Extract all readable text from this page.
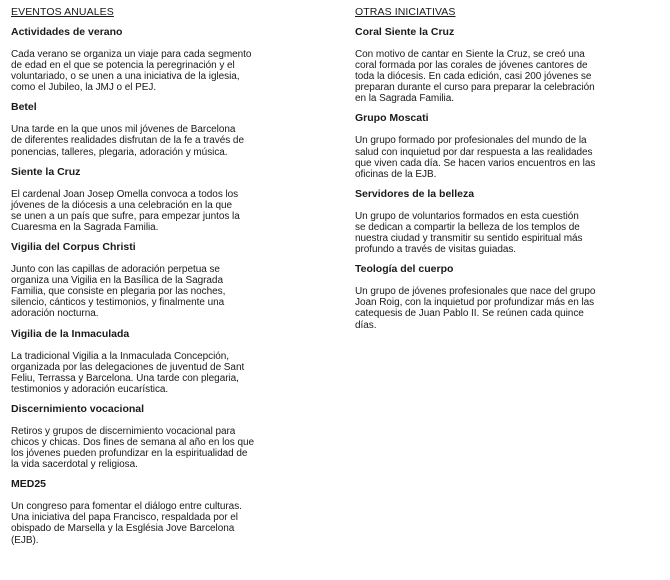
EVENTOS ANUALES
Actividades de verano
Cada verano se organiza un viaje para cada segmento
de edad en el que se potencia la peregrinación y el
voluntariado, o se unen a una iniciativa de la iglesia,
como el Jubileo, la JMJ o el PEJ.
Betel
Una tarde en la que unos mil jóvenes de Barcelona
de diferentes realidades disfrutan de la fe a través de
ponencias, talleres, plegaria, adoración y música.
Siente la Cruz
El cardenal Joan Josep Omella convoca a todos los
jóvenes de la diócesis a una celebración en la que
se unen a un país que sufre, para empezar juntos la
Cuaresma en la Sagrada Familia.
Vigilia del Corpus Christi
Junto con las capillas de adoración perpetua se
organiza una Vigilia en la Basílica de la Sagrada
Familia, que consiste en plegaria por las noches,
silencio, cánticos y testimonios, y finalmente una
adoración nocturna.
Vigilia de la Inmaculada
La tradicional Vigilia a la Inmaculada Concepción,
organizada por las delegaciones de juventud de Sant
Feliu, Terrassa y Barcelona. Una tarde con plegaria,
testimonios y adoración eucarística.
Discernimiento vocacional
Retiros y grupos de discernimiento vocacional para
chicos y chicas. Dos fines de semana al año en los que
los jóvenes pueden profundizar en la espiritualidad de
la vida sacerdotal y religiosa.
MED25
Un congreso para fomentar el diálogo entre culturas.
Una iniciativa del papa Francisco, respaldada por el
obispado de Marsella y la Església Jove Barcelona
(EJB).
OTRAS INICIATIVAS
Coral Siente la Cruz
Con motivo de cantar en Siente la Cruz, se creó una
coral formada por las corales de jóvenes cantores de
toda la diócesis. En cada edición, casi 200 jóvenes se
preparan durante el curso para preparar la celebración
en la Sagrada Familia.
Grupo Moscati
Un grupo formado por profesionales del mundo de la
salud con inquietud por dar respuesta a las realidades
que viven cada día. Se hacen varios encuentros en las
oficinas de la EJB.
Servidores de la belleza
Un grupo de voluntarios formados en esta cuestión
se dedican a compartir la belleza de los templos de
nuestra ciudad y transmitir su sentido espiritual más
profundo a través de visitas guiadas.
Teología del cuerpo
Un grupo de jóvenes profesionales que nace del grupo
Joan Roig, con la inquietud por profundizar más en las
catequesis de Juan Pablo II. Se reúnen cada quince
días.
